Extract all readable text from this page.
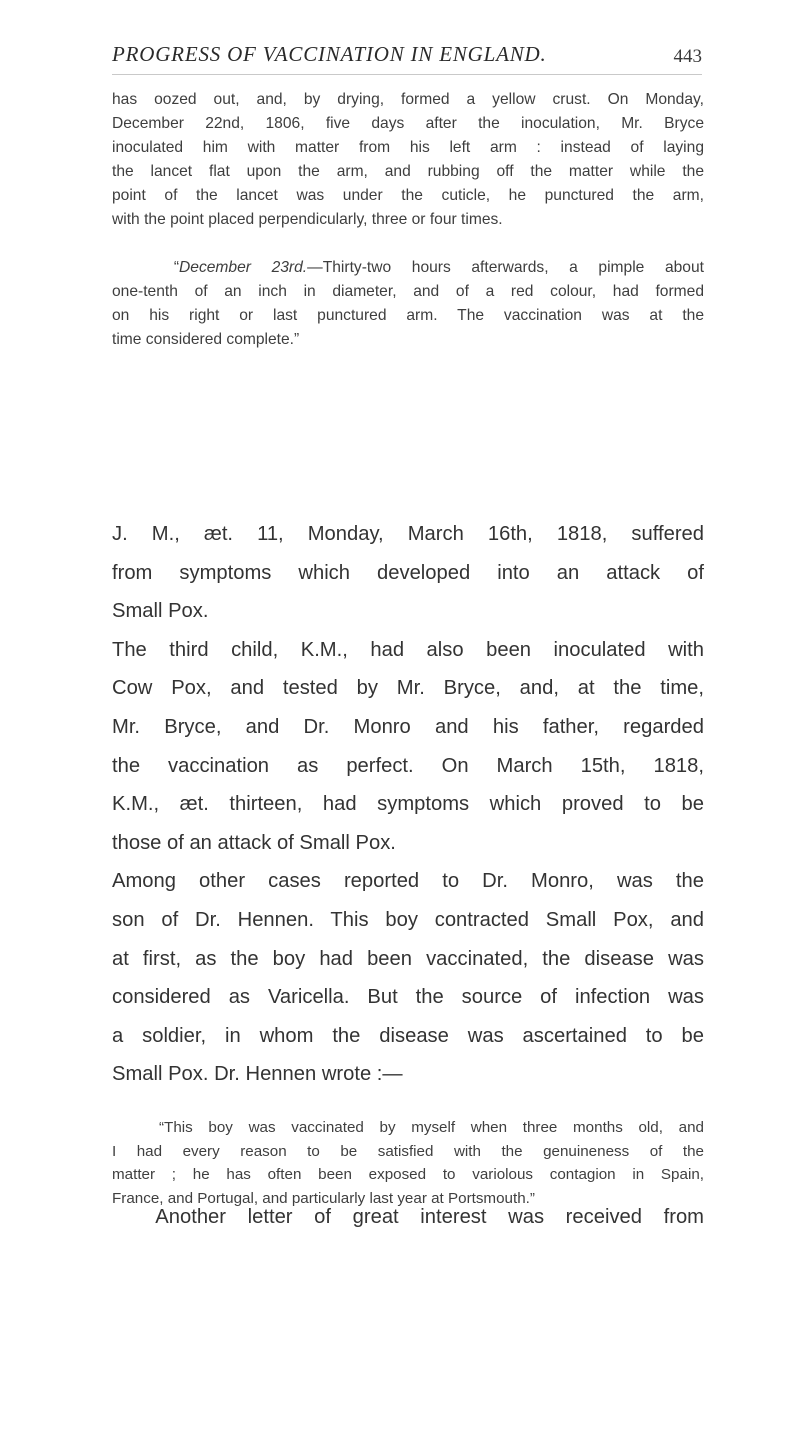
PROGRESS OF VACCINATION IN ENGLAND.	443
has oozed out, and, by drying, formed a yellow crust. On Monday,
December 22nd, 1806, five days after the inoculation, Mr. Bryce
inoculated him with matter from his left arm : instead of laying
the lancet flat upon the arm, and rubbing off the matter while the
point of the lancet was under the cuticle, he punctured the arm,
with the point placed perpendicularly, three or four times.
“December 23rd.—Thirty-two hours afterwards, a pimple about
one-tenth of an inch in diameter, and of a red colour, had formed
on his right or last punctured arm. The vaccination was at the
time considered complete.”
J. M., æt. 11, Monday, March 16th, 1818, suffered
from symptoms which developed into an attack of
Small Pox.
The third child, K.M., had also been inoculated with
Cow Pox, and tested by Mr. Bryce, and, at the time,
Mr. Bryce, and Dr. Monro and his father, regarded
the vaccination as perfect. On March 15th, 1818,
K.M., æt. thirteen, had symptoms which proved to be
those of an attack of Small Pox.
Among other cases reported to Dr. Monro, was the
son of Dr. Hennen. This boy contracted Small Pox, and
at first, as the boy had been vaccinated, the disease was
considered as Varicella. But the source of infection was
a soldier, in whom the disease was ascertained to be
Small Pox. Dr. Hennen wrote :—
“This boy was vaccinated by myself when three months old, and
I had every reason to be satisfied with the genuineness of the
matter ; he has often been exposed to variolous contagion in Spain,
France, and Portugal, and particularly last year at Portsmouth.”
Another letter of great interest was received from
